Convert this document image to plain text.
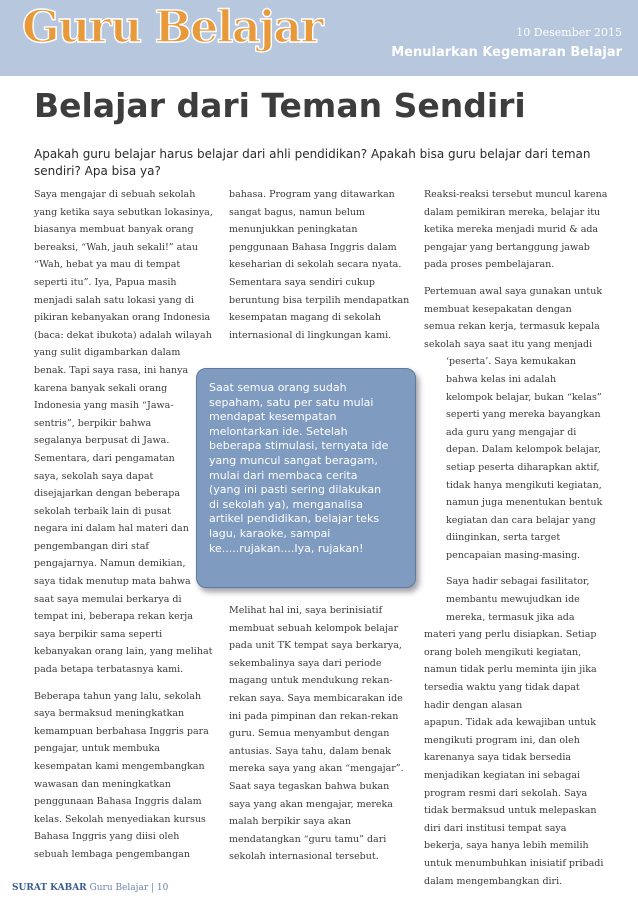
Guru Belajar	10 Desember 2015
Menularkan Kegemaran Belajar
Belajar dari Teman Sendiri

Apakah guru belajar harus belajar dari ahli pendidikan? Apakah bisa guru belajar dari teman sendiri? Apa bisa ya?

Saya mengajar di sebuah sekolah
yang ketika saya sebutkan lokasinya,
biasanya membuat banyak orang
bereaksi, “Wah, jauh sekali!” atau
“Wah, hebat ya mau di tempat
seperti itu”. Iya, Papua masih
menjadi salah satu lokasi yang di
pikiran kebanyakan orang Indonesia
(baca: dekat ibukota) adalah wilayah
yang sulit digambarkan dalam
benak. Tapi saya rasa, ini hanya
karena banyak sekali orang
Indonesia yang masih “Jawa-
sentris”, berpikir bahwa
segalanya berpusat di Jawa.
Sementara, dari pengamatan
saya, sekolah saya dapat
disejajarkan dengan beberapa
sekolah terbaik lain di pusat
negara ini dalam hal materi dan
pengembangan diri staf
pengajarnya. Namun demikian,
saya tidak menutup mata bahwa
saat saya memulai berkarya di
tempat ini, beberapa rekan kerja
saya berpikir sama seperti
kebanyakan orang lain, yang melihat
pada betapa terbatasnya kami.

Beberapa tahun yang lalu, sekolah
saya bermaksud meningkatkan
kemampuan berbahasa Inggris para
pengajar, untuk membuka
kesempatan kami mengembangkan
wawasan dan meningkatkan
penggunaan Bahasa Inggris dalam
kelas. Sekolah menyediakan kursus
Bahasa Inggris yang diisi oleh
sebuah lembaga pengembangan

bahasa. Program yang ditawarkan
sangat bagus, namun belum
menunjukkan peningkatan
penggunaan Bahasa Inggris dalam
keseharian di sekolah secara nyata.
Sementara saya sendiri cukup
beruntung bisa terpilih mendapatkan
kesempatan magang di sekolah
internasional di lingkungan kami.

Melihat hal ini, saya berinisiatif
membuat sebuah kelompok belajar
pada unit TK tempat saya berkarya,
sekembalinya saya dari periode
magang untuk mendukung rekan-
rekan saya. Saya membicarakan ide
ini pada pimpinan dan rekan-rekan
guru. Semua menyambut dengan
antusias. Saya tahu, dalam benak
mereka saya yang akan “mengajar”.
Saat saya tegaskan bahwa bukan
saya yang akan mengajar, mereka
malah berpikir saya akan
mendatangkan “guru tamu” dari
sekolah internasional tersebut.

Reaksi-reaksi tersebut muncul karena
dalam pemikiran mereka, belajar itu
ketika mereka menjadi murid & ada
pengajar yang bertanggung jawab
pada proses pembelajaran.

Pertemuan awal saya gunakan untuk
membuat kesepakatan dengan
semua rekan kerja, termasuk kepala
sekolah saya saat itu yang menjadi
‘peserta’. Saya kemukakan
bahwa kelas ini adalah
kelompok belajar, bukan “kelas”
seperti yang mereka bayangkan
ada guru yang mengajar di
depan. Dalam kelompok belajar,
setiap peserta diharapkan aktif,
tidak hanya mengikuti kegiatan,
namun juga menentukan bentuk
kegiatan dan cara belajar yang
diinginkan, serta target
pencapaian masing-masing.

Saya hadir sebagai fasilitator,
membantu mewujudkan ide
mereka, termasuk jika ada
materi yang perlu disiapkan. Setiap
orang boleh mengikuti kegiatan,
namun tidak perlu meminta ijin jika
tersedia waktu yang tidak dapat
hadir dengan alasan
apapun. Tidak ada kewajiban untuk
mengikuti program ini, dan oleh
karenanya saya tidak bersedia
menjadikan kegiatan ini sebagai
program resmi dari sekolah. Saya
tidak bermaksud untuk melepaskan
diri dari institusi tempat saya
bekerja, saya hanya lebih memilih
untuk menumbuhkan inisiatif pribadi
dalam mengembangkan diri.

Saat semua orang sudah
sepaham, satu per satu mulai
mendapat kesempatan
melontarkan ide. Setelah
beberapa stimulasi, ternyata ide
yang muncul sangat beragam,
mulai dari membaca cerita
(yang ini pasti sering dilakukan
di sekolah ya), menganalisa
artikel pendidikan, belajar teks
lagu, karaoke, sampai
ke.....rujakan....Iya, rujakan!
SURAT KABAR Guru Belajar | 10
